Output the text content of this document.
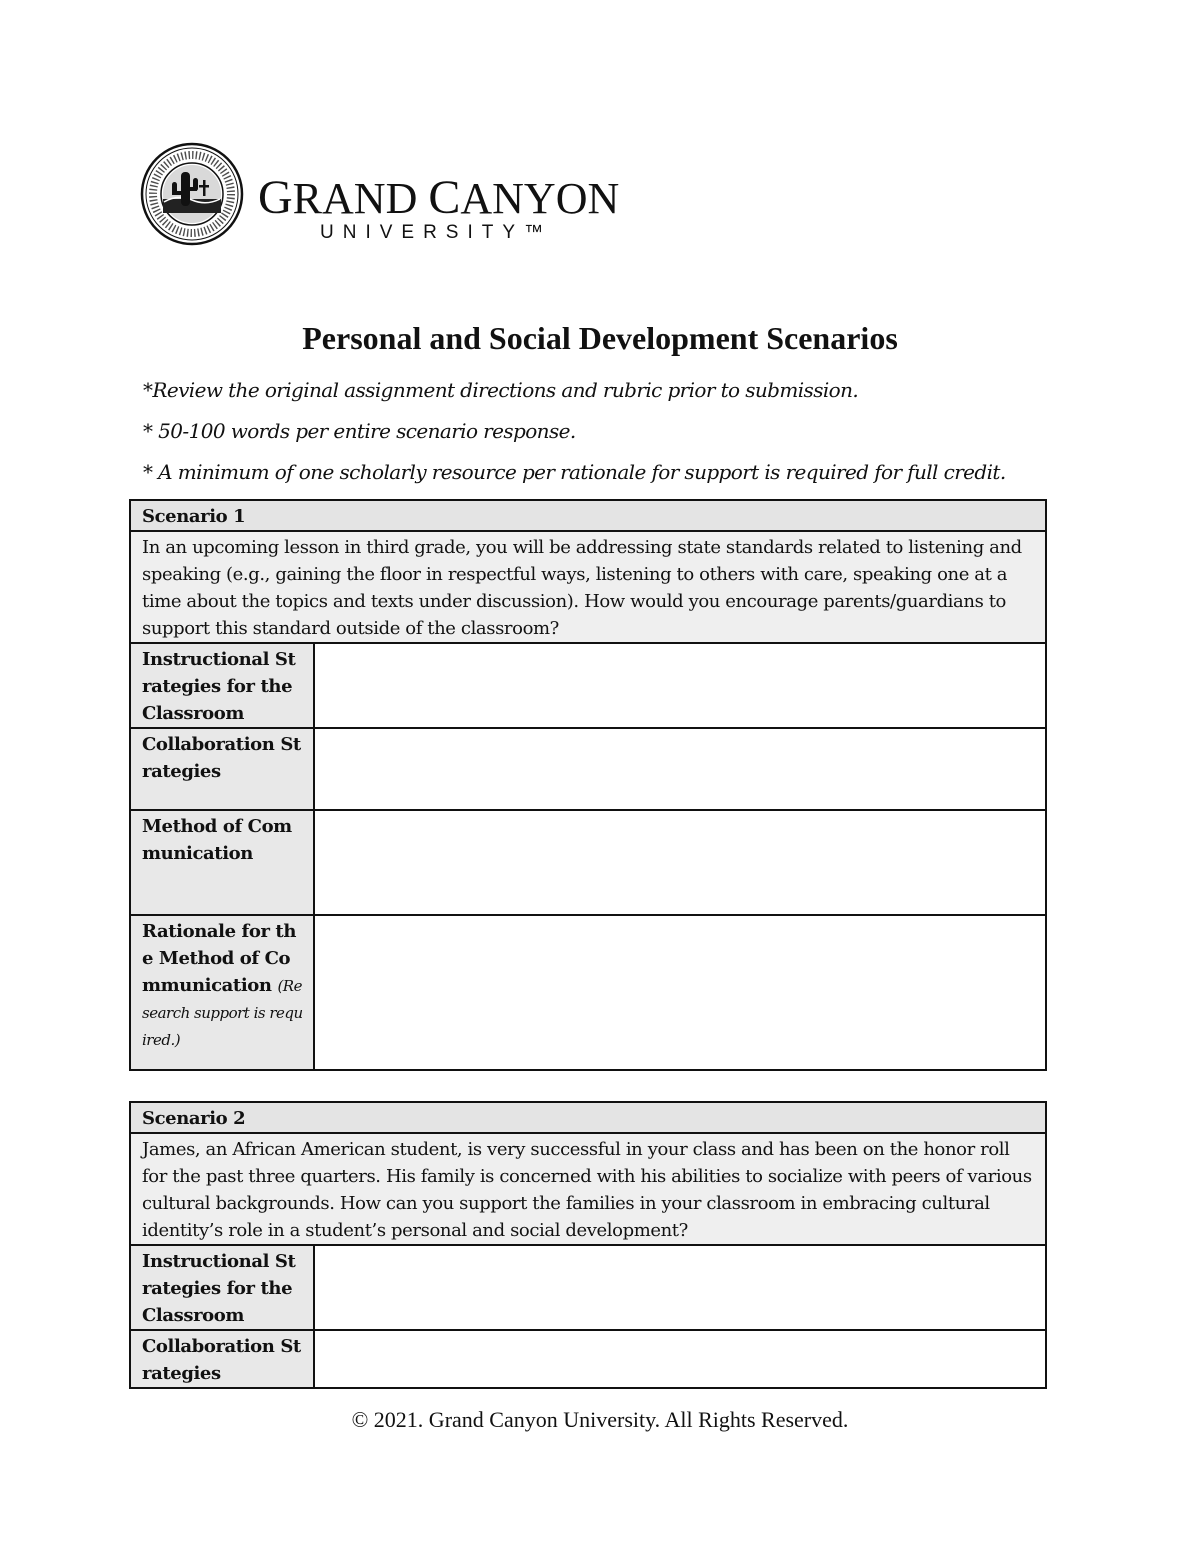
GRAND CANYON
UNIVERSITY™
Personal and Social Development Scenarios
*Review the original assignment directions and rubric prior to submission.
* 50-100 words per entire scenario response.
* A minimum of one scholarly resource per rationale for support is required for full credit.
Scenario 1	
In an upcoming lesson in third grade, you will be addressing state standards related to listening and speaking (e.g., gaining the floor in respectful ways, listening to others with care, speaking one at a time about the topics and texts under discussion). How would you encourage parents/guardians to support this standard outside of the classroom?	
Instructional Strategies for the Classroom	
Collaboration Strategies	
Method of Communication	
Rationale for the Method of Communication (Research support is required.)	
Scenario 2	
James, an African American student, is very successful in your class and has been on the honor roll for the past three quarters. His family is concerned with his abilities to socialize with peers of various cultural backgrounds. How can you support the families in your classroom in embracing cultural identity’s role in a student’s personal and social development?	
Instructional Strategies for the Classroom	
Collaboration Strategies	
© 2021. Grand Canyon University. All Rights Reserved.
